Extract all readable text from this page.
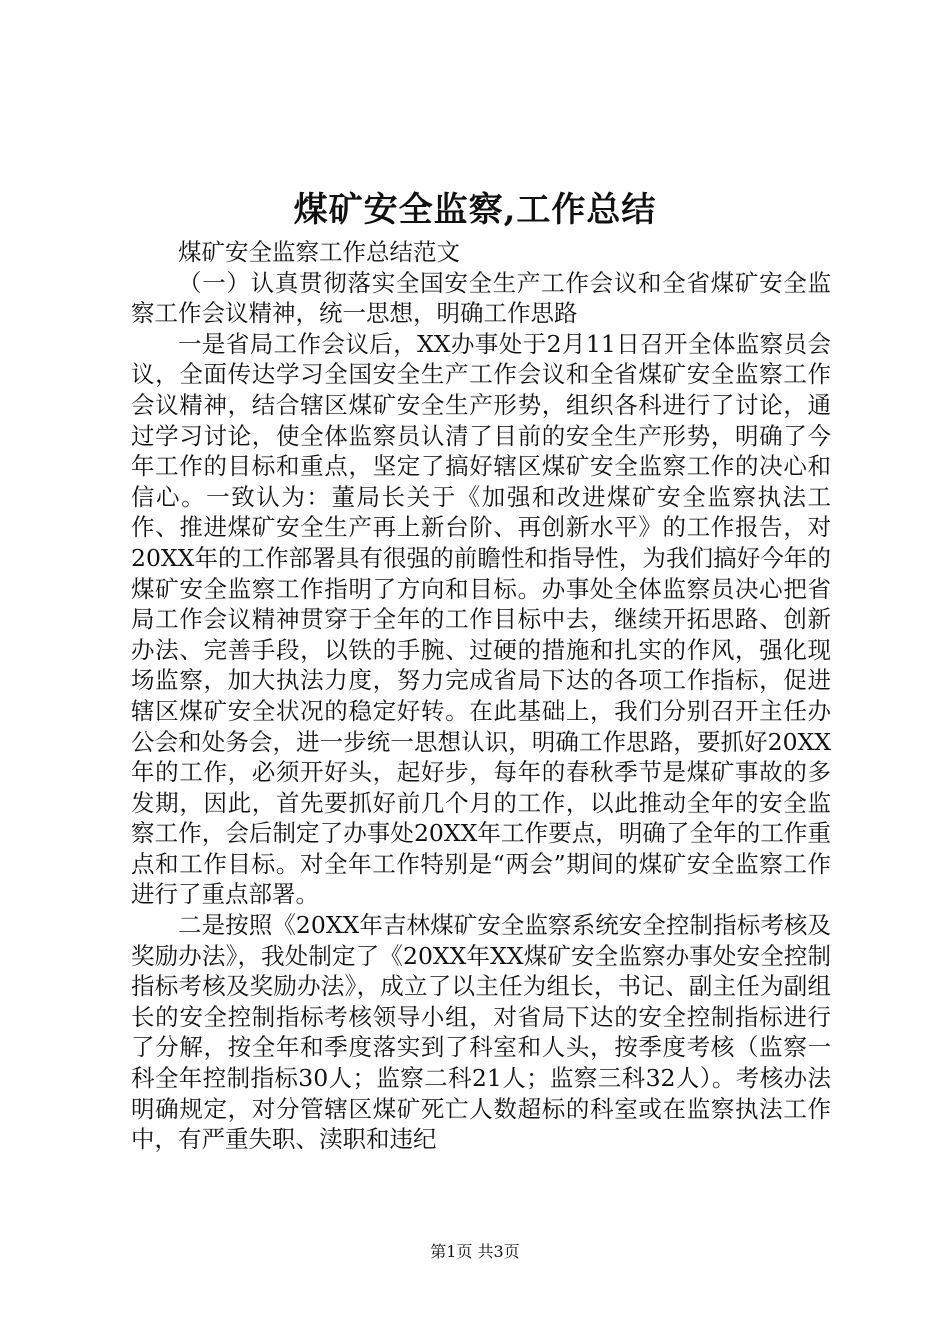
煤矿安全监察,工作总结

煤矿安全监察工作总结范文

（一）认真贯彻落实全国安全生产工作会议和全省煤矿安全监察工作会议精神，统一思想，明确工作思路

一是省局工作会议后，XX办事处于2月11日召开全体监察员会议，全面传达学习全国安全生产工作会议和全省煤矿安全监察工作会议精神，结合辖区煤矿安全生产形势，组织各科进行了讨论，通过学习讨论，使全体监察员认清了目前的安全生产形势，明确了今年工作的目标和重点，坚定了搞好辖区煤矿安全监察工作的决心和信心。一致认为：董局长关于《加强和改进煤矿安全监察执法工作、推进煤矿安全生产再上新台阶、再创新水平》的工作报告，对20XX年的工作部署具有很强的前瞻性和指导性，为我们搞好今年的煤矿安全监察工作指明了方向和目标。办事处全体监察员决心把省局工作会议精神贯穿于全年的工作目标中去，继续开拓思路、创新办法、完善手段，以铁的手腕、过硬的措施和扎实的作风，强化现场监察，加大执法力度，努力完成省局下达的各项工作指标，促进辖区煤矿安全状况的稳定好转。在此基础上，我们分别召开主任办公会和处务会，进一步统一思想认识，明确工作思路，要抓好20XX年的工作，必须开好头，起好步，每年的春秋季节是煤矿事故的多发期，因此，首先要抓好前几个月的工作，以此推动全年的安全监察工作，会后制定了办事处20XX年工作要点，明确了全年的工作重点和工作目标。对全年工作特别是“两会”期间的煤矿安全监察工作进行了重点部署。

二是按照《20XX年吉林煤矿安全监察系统安全控制指标考核及奖励办法》，我处制定了《20XX年XX煤矿安全监察办事处安全控制指标考核及奖励办法》，成立了以主任为组长，书记、副主任为副组长的安全控制指标考核领导小组，对省局下达的安全控制指标进行了分解，按全年和季度落实到了科室和人头，按季度考核（监察一科全年控制指标30人；监察二科21人；监察三科32人）。考核办法明确规定，对分管辖区煤矿死亡人数超标的科室或在监察执法工作中，有严重失职、渎职和违纪

第1页 共3页
